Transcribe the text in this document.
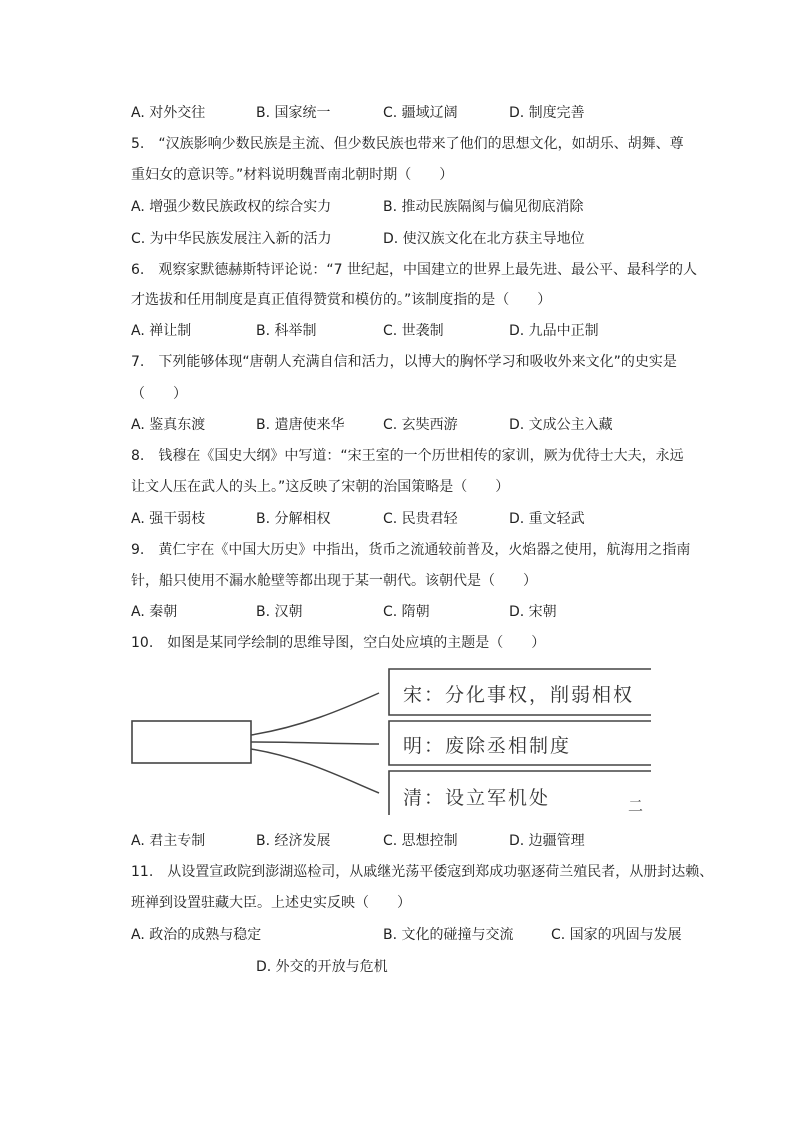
A. 对外交往	B. 国家统一	C. 疆域辽阔	D. 制度完善
5.　“汉族影响少数民族是主流、但少数民族也带来了他们的思想文化，如胡乐、胡舞、尊
重妇女的意识等。”材料说明魏晋南北朝时期（　　）
A. 增强少数民族政权的综合实力	B. 推动民族隔阂与偏见彻底消除
C. 为中华民族发展注入新的活力	D. 使汉族文化在北方获主导地位
6.　观察家默德赫斯特评论说：“7 世纪起，中国建立的世界上最先进、最公平、最科学的人
才选拔和任用制度是真正值得赞赏和模仿的。”该制度指的是（　　）
A. 禅让制	B. 科举制	C. 世袭制	D. 九品中正制
7.　下列能够体现“唐朝人充满自信和活力，以博大的胸怀学习和吸收外来文化”的史实是
（　　）
A. 鉴真东渡	B. 遣唐使来华	C. 玄奘西游	D. 文成公主入藏
8.　钱穆在《国史大纲》中写道：“宋王室的一个历世相传的家训，厥为优待士大夫，永远
让文人压在武人的头上。”这反映了宋朝的治国策略是（　　）
A. 强干弱枝	B. 分解相权	C. 民贵君轻	D. 重文轻武
9.　黄仁宇在《中国大历史》中指出，货币之流通较前普及，火焰器之使用，航海用之指南
针，船只使用不漏水舱壁等都出现于某一朝代。该朝代是（　　）
A. 秦朝	B. 汉朝	C. 隋朝	D. 宋朝
10.　如图是某同学绘制的思维导图，空白处应填的主题是（　　）
宋：分化事权，削弱相权
明：废除丞相制度
清：设立军机处	二
A. 君主专制	B. 经济发展	C. 思想控制	D. 边疆管理
11.　从设置宣政院到澎湖巡检司，从戚继光荡平倭寇到郑成功驱逐荷兰殖民者，从册封达赖、
班禅到设置驻藏大臣。上述史实反映（　　）
A. 政治的成熟与稳定	B. 文化的碰撞与交流	C. 国家的巩固与发展
D. 外交的开放与危机
